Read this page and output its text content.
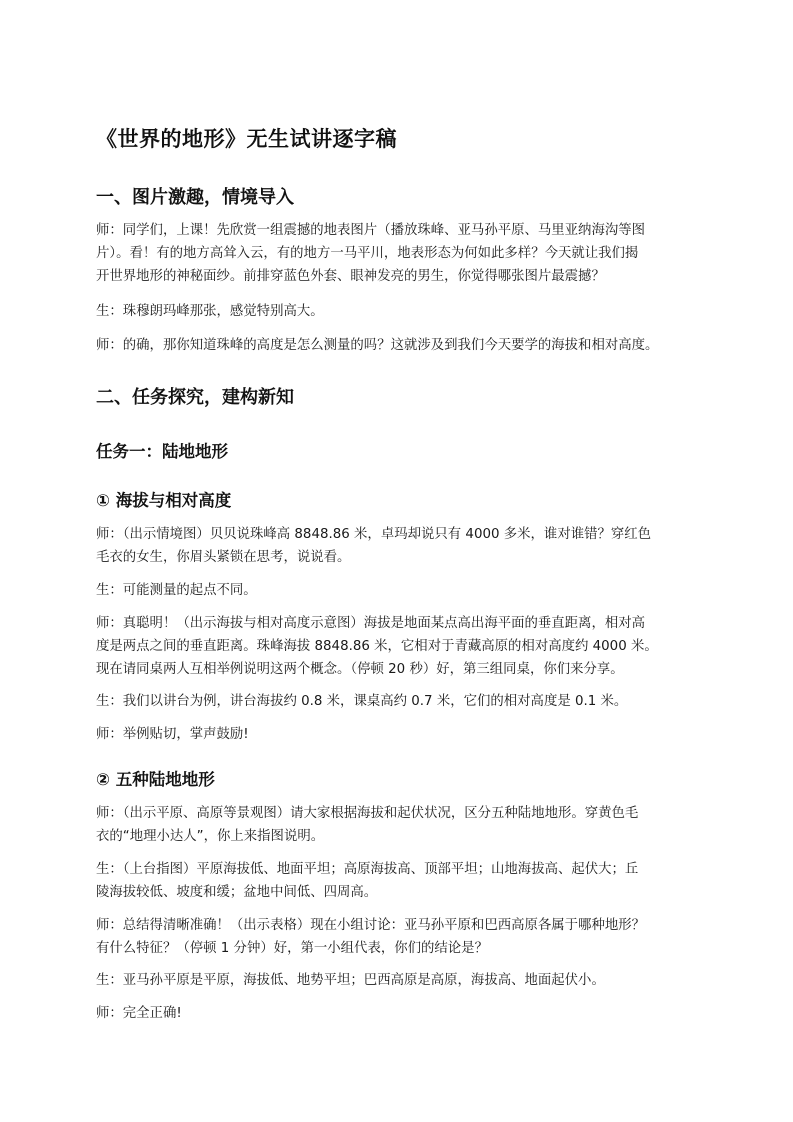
《世界的地形》无生试讲逐字稿
一、图片激趣，情境导入
师：同学们，上课！先欣赏一组震撼的地表图片（播放珠峰、亚马孙平原、马里亚纳海沟等图
片）。看！有的地方高耸入云，有的地方一马平川，地表形态为何如此多样？今天就让我们揭
开世界地形的神秘面纱。前排穿蓝色外套、眼神发亮的男生，你觉得哪张图片最震撼？
生：珠穆朗玛峰那张，感觉特别高大。
师：的确，那你知道珠峰的高度是怎么测量的吗？这就涉及到我们今天要学的海拔和相对高度。
二、任务探究，建构新知
任务一：陆地地形
① 海拔与相对高度
师：（出示情境图）贝贝说珠峰高 8848.86 米，卓玛却说只有 4000 多米，谁对谁错？穿红色
毛衣的女生，你眉头紧锁在思考，说说看。
生：可能测量的起点不同。
师：真聪明！（出示海拔与相对高度示意图）海拔是地面某点高出海平面的垂直距离，相对高
度是两点之间的垂直距离。珠峰海拔 8848.86 米，它相对于青藏高原的相对高度约 4000 米。
现在请同桌两人互相举例说明这两个概念。（停顿 20 秒）好，第三组同桌，你们来分享。
生：我们以讲台为例，讲台海拔约 0.8 米，课桌高约 0.7 米，它们的相对高度是 0.1 米。
师：举例贴切，掌声鼓励!
② 五种陆地地形
师：（出示平原、高原等景观图）请大家根据海拔和起伏状况，区分五种陆地地形。穿黄色毛
衣的“地理小达人”，你上来指图说明。
生：（上台指图）平原海拔低、地面平坦；高原海拔高、顶部平坦；山地海拔高、起伏大；丘
陵海拔较低、坡度和缓；盆地中间低、四周高。
师：总结得清晰准确！（出示表格）现在小组讨论：亚马孙平原和巴西高原各属于哪种地形？
有什么特征？（停顿 1 分钟）好，第一小组代表，你们的结论是？
生：亚马孙平原是平原，海拔低、地势平坦；巴西高原是高原，海拔高、地面起伏小。
师：完全正确!
